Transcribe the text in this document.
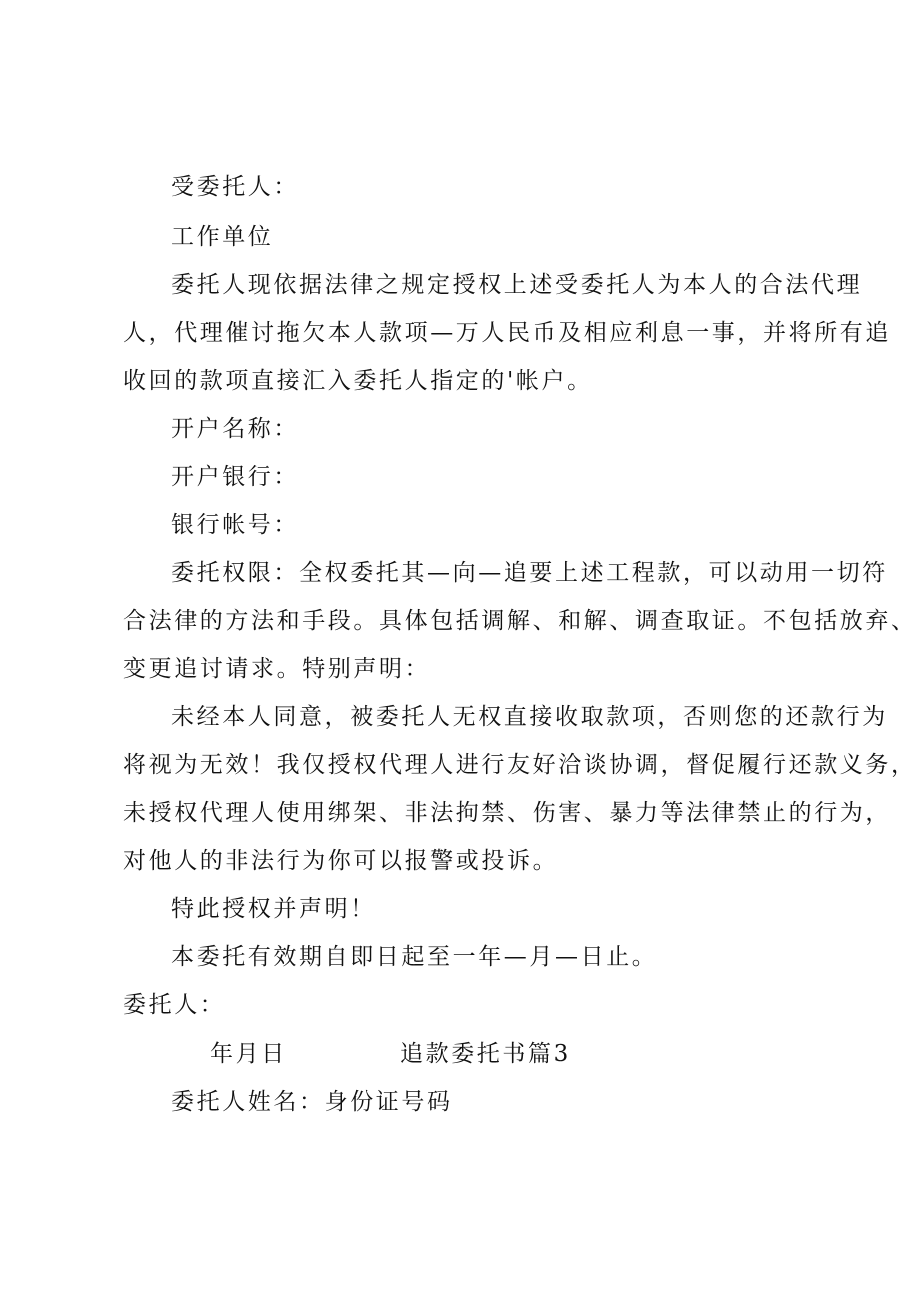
受委托人：
工作单位
委托人现依据法律之规定授权上述受委托人为本人的合法代理
人，代理催讨拖欠本人款项—万人民币及相应利息一事，并将所有追
收回的款项直接汇入委托人指定的'帐户。
开户名称：
开户银行：
银行帐号：
委托权限：全权委托其—向—追要上述工程款，可以动用一切符
合法律的方法和手段。具体包括调解、和解、调查取证。不包括放弃、
变更追讨请求。特别声明：
未经本人同意，被委托人无权直接收取款项，否则您的还款行为
将视为无效！我仅授权代理人进行友好洽谈协调，督促履行还款义务，
未授权代理人使用绑架、非法拘禁、伤害、暴力等法律禁止的行为，
对他人的非法行为你可以报警或投诉。
特此授权并声明！
本委托有效期自即日起至一年—月—日止。
委托人：
年月日	追款委托书篇3
委托人姓名：身份证号码
